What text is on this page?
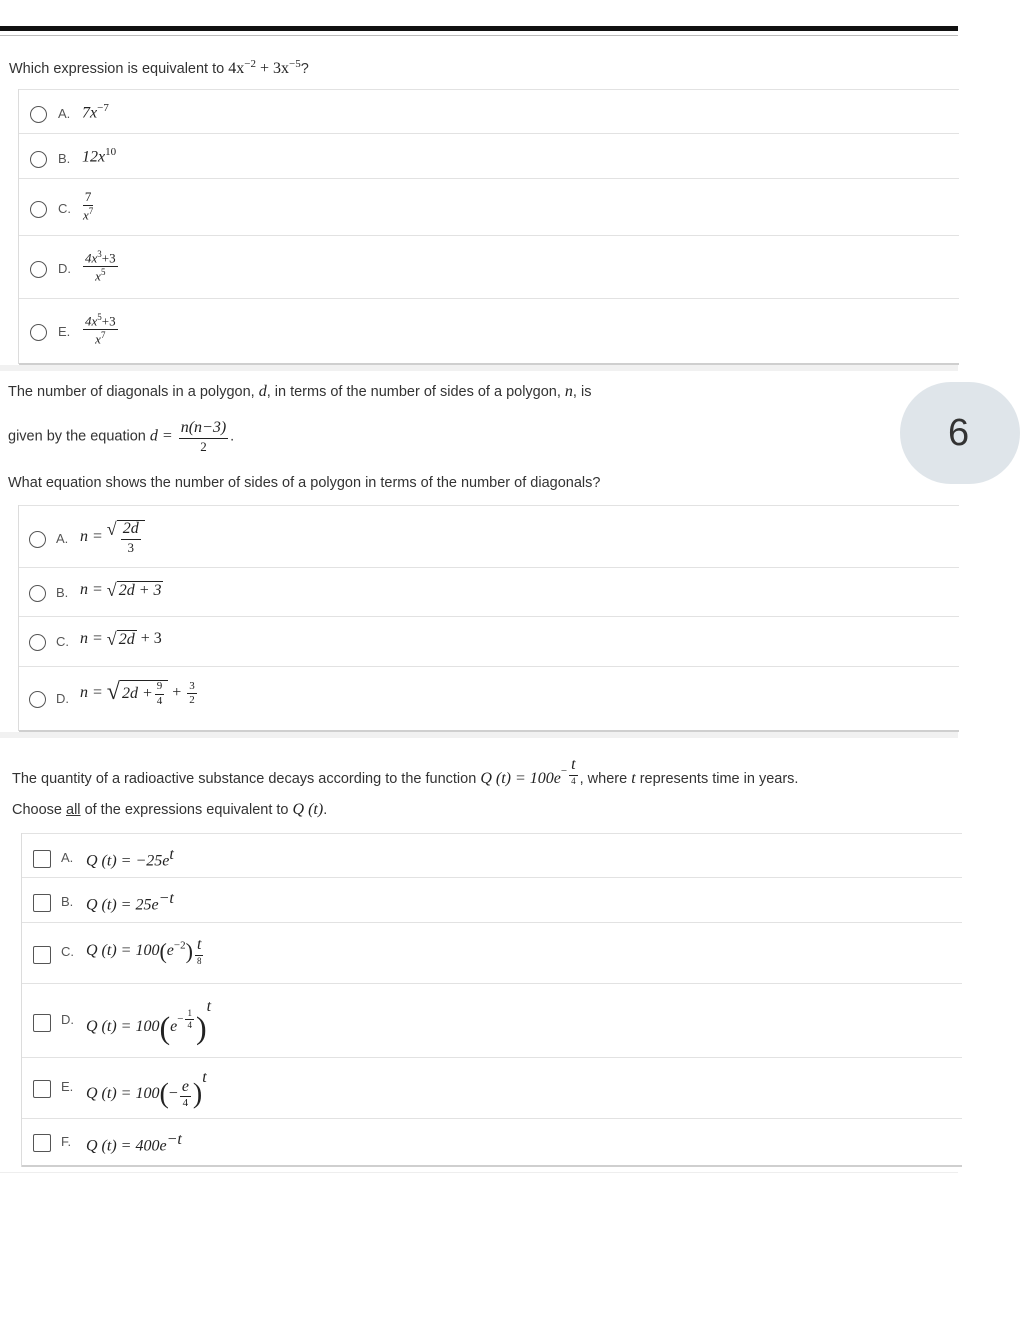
Which expression is equivalent to $4x^{-2} + 3x^{-5}$?
A. $7x^{-7}$
B. $12x^{10}$
C. $\frac{7}{x^7}$
D. $\frac{4x^3+3}{x^5}$
E. $\frac{4x^5+3}{x^7}$
The number of diagonals in a polygon, d, in terms of the number of sides of a polygon, n, is
given by the equation $d = \frac{n(n-3)}{2}$ .
What equation shows the number of sides of a polygon in terms of the number of diagonals?
6
A. n = √ $\frac{2d}{3}$
B. n = √ 2d + 3
C. n = √ 2d + 3
D. n = √ $2d + \frac{9}{4} + \frac{3}{2}$
The quantity of a radioactive substance decays according to the function Q $(t) = 100e^{- \frac{t}{4}}$ , where t represents time in years.
Choose all of the expressions equivalent to Q (t).
A. Q $(t) = -25e^t$
B. Q $(t) = 25e^{-t}$
C. Q $(t) = 100(e^{-2}) \frac{t}{8}$
D. Q $(t) = 100(e^{- \frac{1}{4}}$ )$^t$
E. Q $(t) = 100(- \frac{e}{4} )^t$
F. Q $(t) = 400e^{-t}$
